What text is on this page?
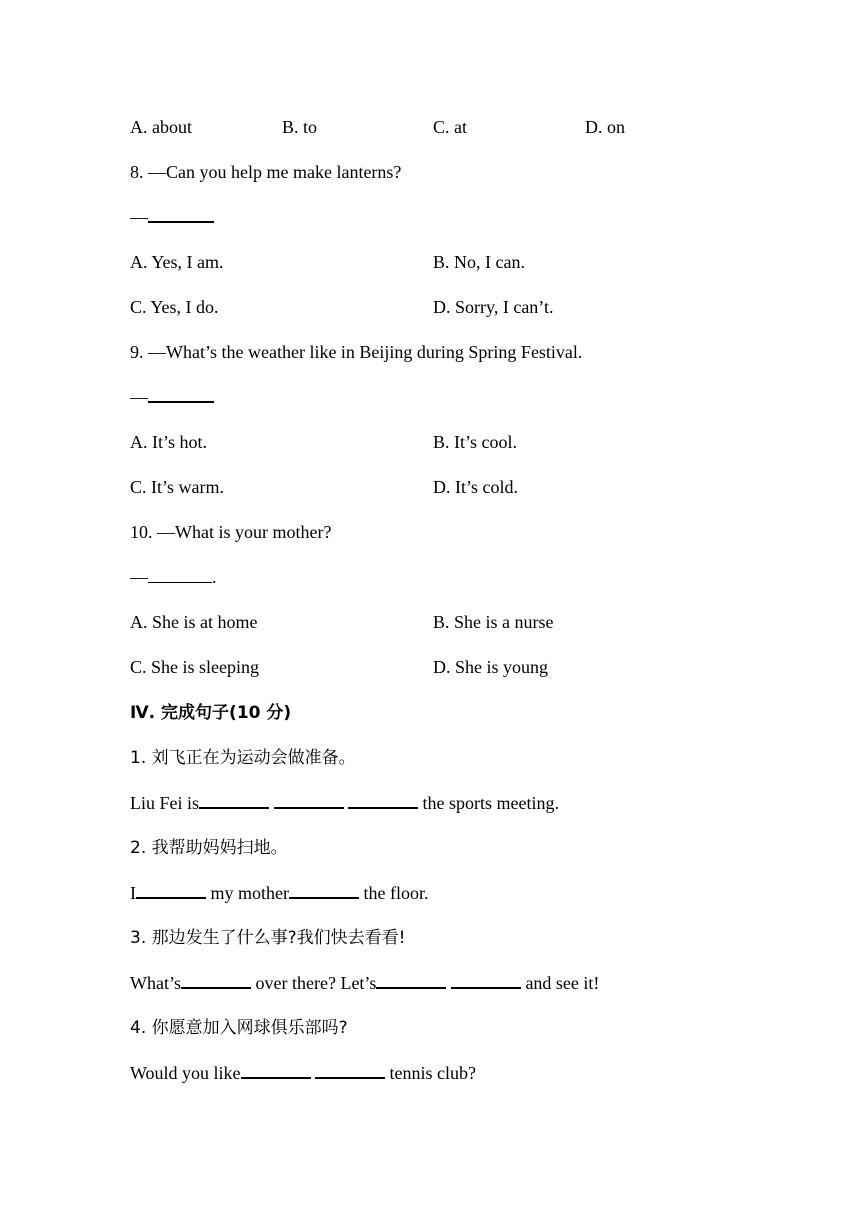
A. about	B. to	C. at	D. on
8. —Can you help me make lanterns?
—
A. Yes, I am.	B. No, I can.
C. Yes, I do.	D. Sorry, I can’t.
9. —What’s the weather like in Beijing during Spring Festival.
—
A. It’s hot.	B. It’s cool.
C. It’s warm.	D. It’s cold.
10. —What is your mother?
—	.
A. She is at home	B. She is a nurse
C. She is sleeping	D. She is young
Ⅳ. 完成句子(10 分)
1. 刘飞正在为运动会做准备。
Liu Fei is	the sports meeting.
2. 我帮助妈妈扫地。
I	my mother	the floor.
3. 那边发生了什么事?我们快去看看!
What’s	over there? Let’s	and see it!
4. 你愿意加入网球俱乐部吗?
Would you like	tennis club?
